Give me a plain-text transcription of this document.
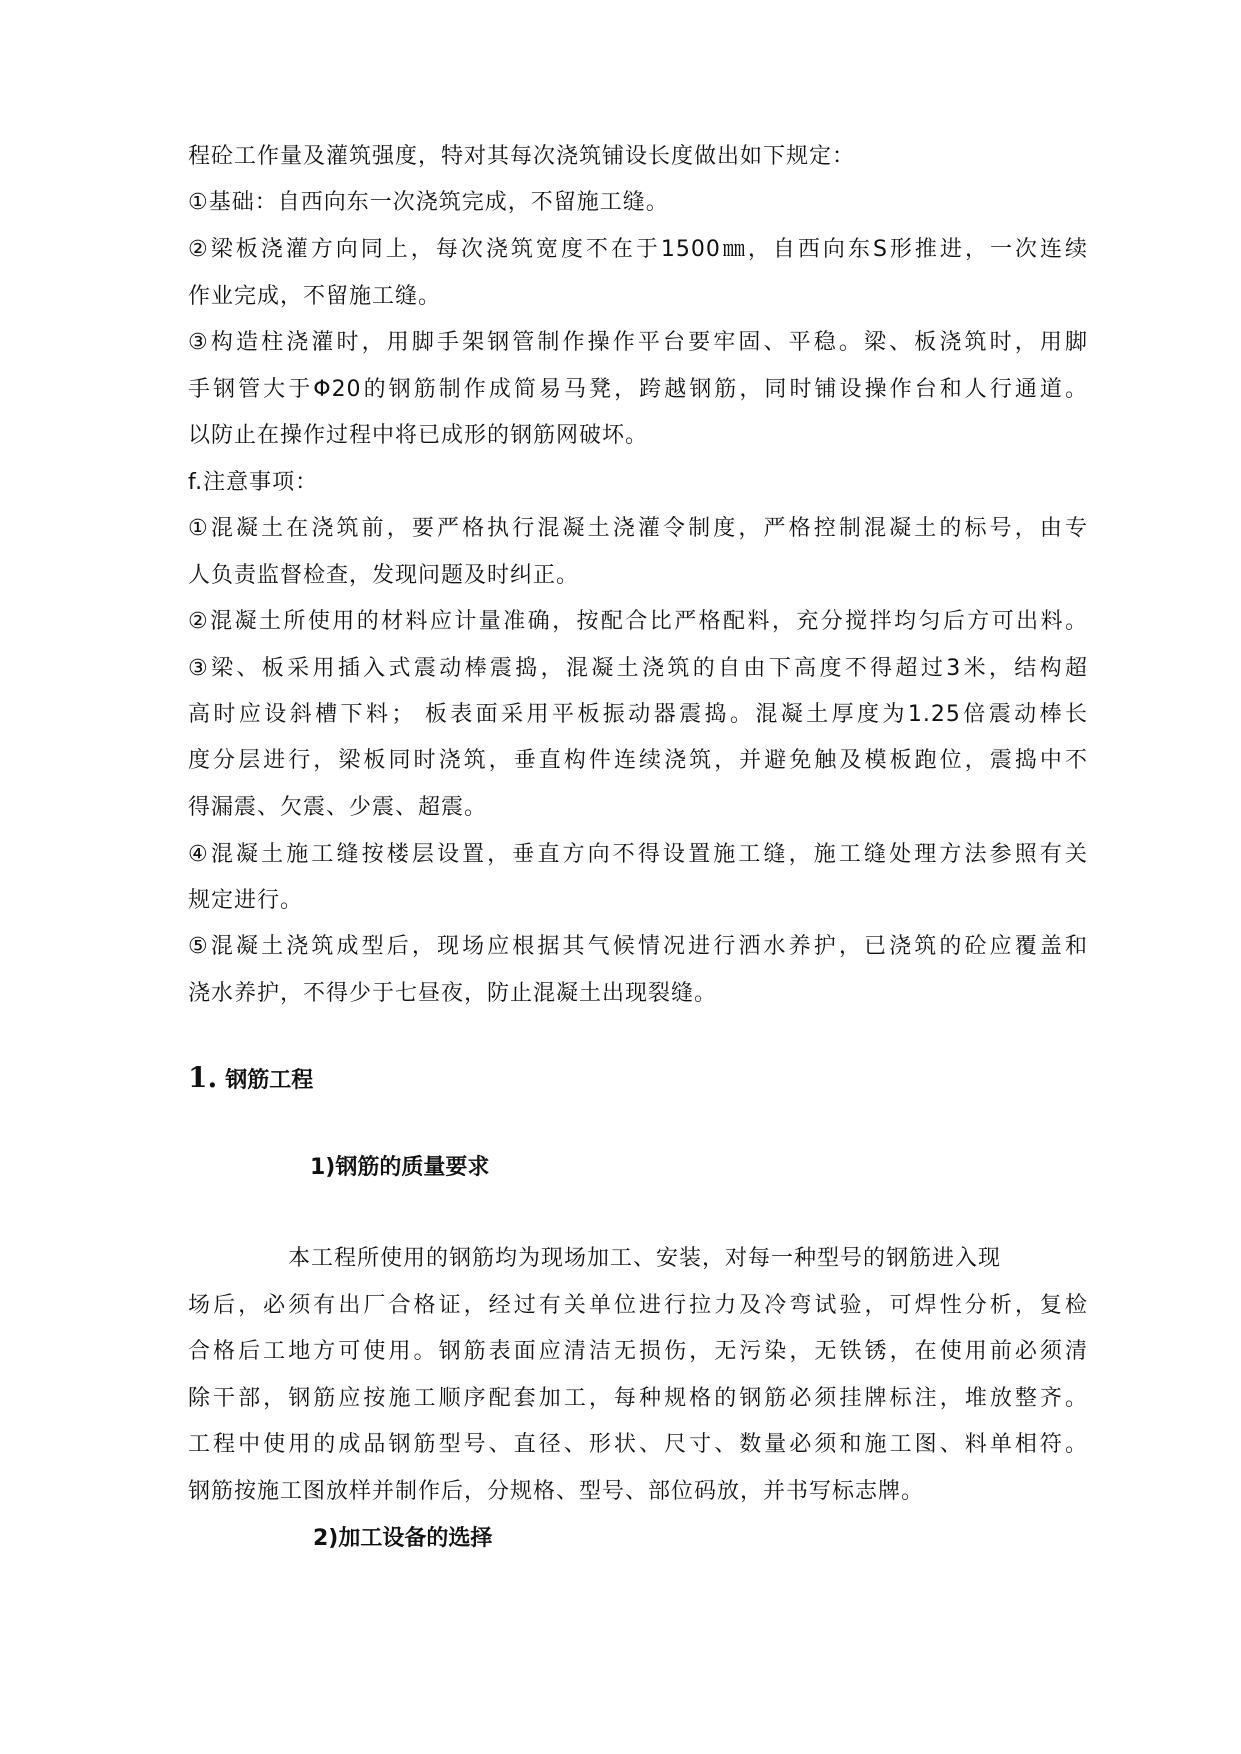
程砼工作量及灌筑强度，特对其每次浇筑铺设长度做出如下规定：
①基础：自西向东一次浇筑完成，不留施工缝。
②梁板浇灌方向同上，每次浇筑宽度不在于1500㎜，自西向东S形推进，一次连续
作业完成，不留施工缝。
③构造柱浇灌时，用脚手架钢管制作操作平台要牢固、平稳。梁、板浇筑时，用脚
手钢管大于Φ20的钢筋制作成简易马凳，跨越钢筋，同时铺设操作台和人行通道。
以防止在操作过程中将已成形的钢筋网破坏。
f.注意事项：
①混凝土在浇筑前，要严格执行混凝土浇灌令制度，严格控制混凝土的标号，由专
人负责监督检查，发现问题及时纠正。
②混凝土所使用的材料应计量准确，按配合比严格配料，充分搅拌均匀后方可出料。
③梁、板采用插入式震动棒震捣，混凝土浇筑的自由下高度不得超过3米，结构超
高时应设斜槽下料； 板表面采用平板振动器震捣。混凝土厚度为1.25倍震动棒长
度分层进行，梁板同时浇筑，垂直构件连续浇筑，并避免触及模板跑位，震捣中不
得漏震、欠震、少震、超震。
④混凝土施工缝按楼层设置，垂直方向不得设置施工缝，施工缝处理方法参照有关
规定进行。
⑤混凝土浇筑成型后，现场应根据其气候情况进行洒水养护，已浇筑的砼应覆盖和
浇水养护，不得少于七昼夜，防止混凝土出现裂缝。
1. 钢筋工程
1)钢筋的质量要求
本工程所使用的钢筋均为现场加工、安装，对每一种型号的钢筋进入现
场后，必须有出厂合格证，经过有关单位进行拉力及冷弯试验，可焊性分析，复检
合格后工地方可使用。钢筋表面应清洁无损伤，无污染，无铁锈，在使用前必须清
除干部，钢筋应按施工顺序配套加工，每种规格的钢筋必须挂牌标注，堆放整齐。
工程中使用的成品钢筋型号、直径、形状、尺寸、数量必须和施工图、料单相符。
钢筋按施工图放样并制作后，分规格、型号、部位码放，并书写标志牌。
2)加工设备的选择
